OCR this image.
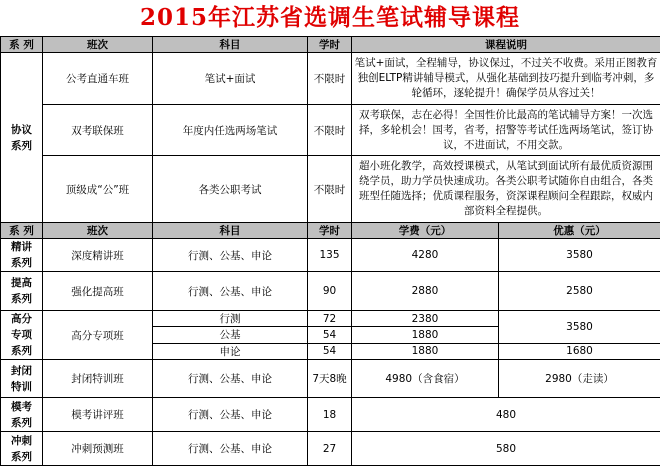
2015年江苏省选调生笔试辅导课程
系 列	班次	科目	学时	课程说明	

协议
系列	公考直通车班	笔试+面试	不限时	笔试+面试，全程辅导，协议保过，不过关不收费。采用正图教育独创ELTP精讲辅导模式，从强化基础到技巧提升到临考冲刺，多轮循环，逐轮提升！确保学员从容过关！	
	双考联保班	年度内任选两场笔试	不限时	双考联保，志在必得！全国性价比最高的笔试辅导方案！一次选择，多轮机会！国考，省考，招警等考试任选两场笔试，签订协议，不进面试，不用交款。	
	顶级成“公”班	各类公职考试	不限时	超小班化教学，高效授课模式，从笔试到面试所有最优质资源围绕学员，助力学员快速成功。各类公职考试随你自由组合，各类班型任随选择；优质课程服务，资深课程顾问全程跟踪，权威内部资料全程提供。	
系 列	班次	科目	学时	学费（元）	优惠（元）

精讲
系列	深度精讲班	行测、公基、申论	135	4280	3580

提高
系列	强化提高班	行测、公基、申论	90	2880	2580

高分
专项
系列	高分专项班	行测	72	2380	3580
		公基	54	1880	
		申论	54	1880	1680

封闭
特训	封闭特训班	行测、公基、申论	7天8晚	4980（含食宿）	2980（走读）

模考
系列	模考讲评班	行测、公基、申论	18	480	

冲刺
系列	冲刺预测班	行测、公基、申论	27	580	
